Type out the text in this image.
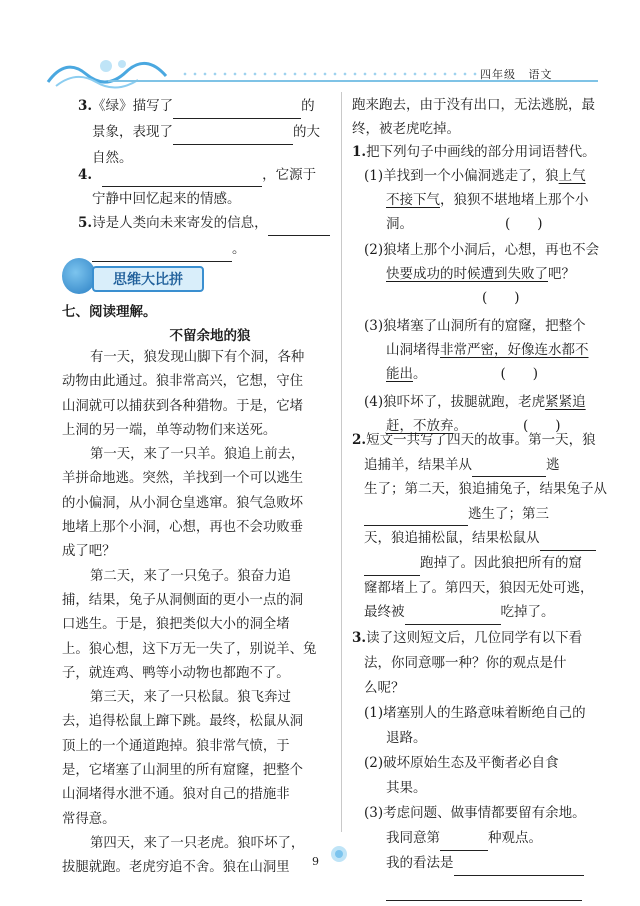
四年级 语文
3.《绿》描写了	的
景象，表现了	的大
自然。
4.	，它源于
宁静中回忆起来的情感。
5.诗是人类向未来寄发的信息，
。
思维大比拼
七、阅读理解。
不留余地的狼
有一天，狼发现山脚下有个洞，各种
动物由此通过。狼非常高兴，它想，守住
山洞就可以捕获到各种猎物。于是，它堵
上洞的另一端，单等动物们来送死。
第一天，来了一只羊。狼追上前去，
羊拼命地逃。突然，羊找到一个可以逃生
的小偏洞，从小洞仓皇逃窜。狼气急败坏
地堵上那个小洞，心想，再也不会功败垂
成了吧？
第二天，来了一只兔子。狼奋力追
捕，结果，兔子从洞侧面的更小一点的洞
口逃生。于是，狼把类似大小的洞全堵
上。狼心想，这下万无一失了，别说羊、兔
子，就连鸡、鸭等小动物也都跑不了。
第三天，来了一只松鼠。狼飞奔过
去，追得松鼠上蹿下跳。最终，松鼠从洞
顶上的一个通道跑掉。狼非常气愤，于
是，它堵塞了山洞里的所有窟窿，把整个
山洞堵得水泄不通。狼对自己的措施非
常得意。
第四天，来了一只老虎。狼吓坏了，
拔腿就跑。老虎穷追不舍。狼在山洞里
跑来跑去，由于没有出口，无法逃脱，最
终，被老虎吃掉。
1.把下列句子中画线的部分用词语替代。
(1)羊找到一个小偏洞逃走了，狼上气
不接下气，狼狈不堪地堵上那个小
洞。	(　　)
(2)狼堵上那个小洞后，心想，再也不会
快要成功的时候遭到失败了吧？
(　　)
(3)狼堵塞了山洞所有的窟窿，把整个
山洞堵得非常严密，好像连水都不
能出。	(　　)
(4)狼吓坏了，拔腿就跑，老虎紧紧追
赶，不放弃。	(　　)
2.短文一共写了四天的故事。第一天，狼
追捕羊，结果羊从	逃
生了；第二天，狼追捕兔子，结果兔子从
逃生了；第三
天，狼追捕松鼠，结果松鼠从
跑掉了。因此狼把所有的窟
窿都堵上了。第四天，狼因无处可逃，
最终被	吃掉了。
3.读了这则短文后，几位同学有以下看
法，你同意哪一种？你的观点是什
么呢？
(1)堵塞别人的生路意味着断绝自己的
退路。
(2)破坏原始生态及平衡者必自食
其果。
(3)考虑问题、做事情都要留有余地。
我同意第	种观点。
我的看法是
9
